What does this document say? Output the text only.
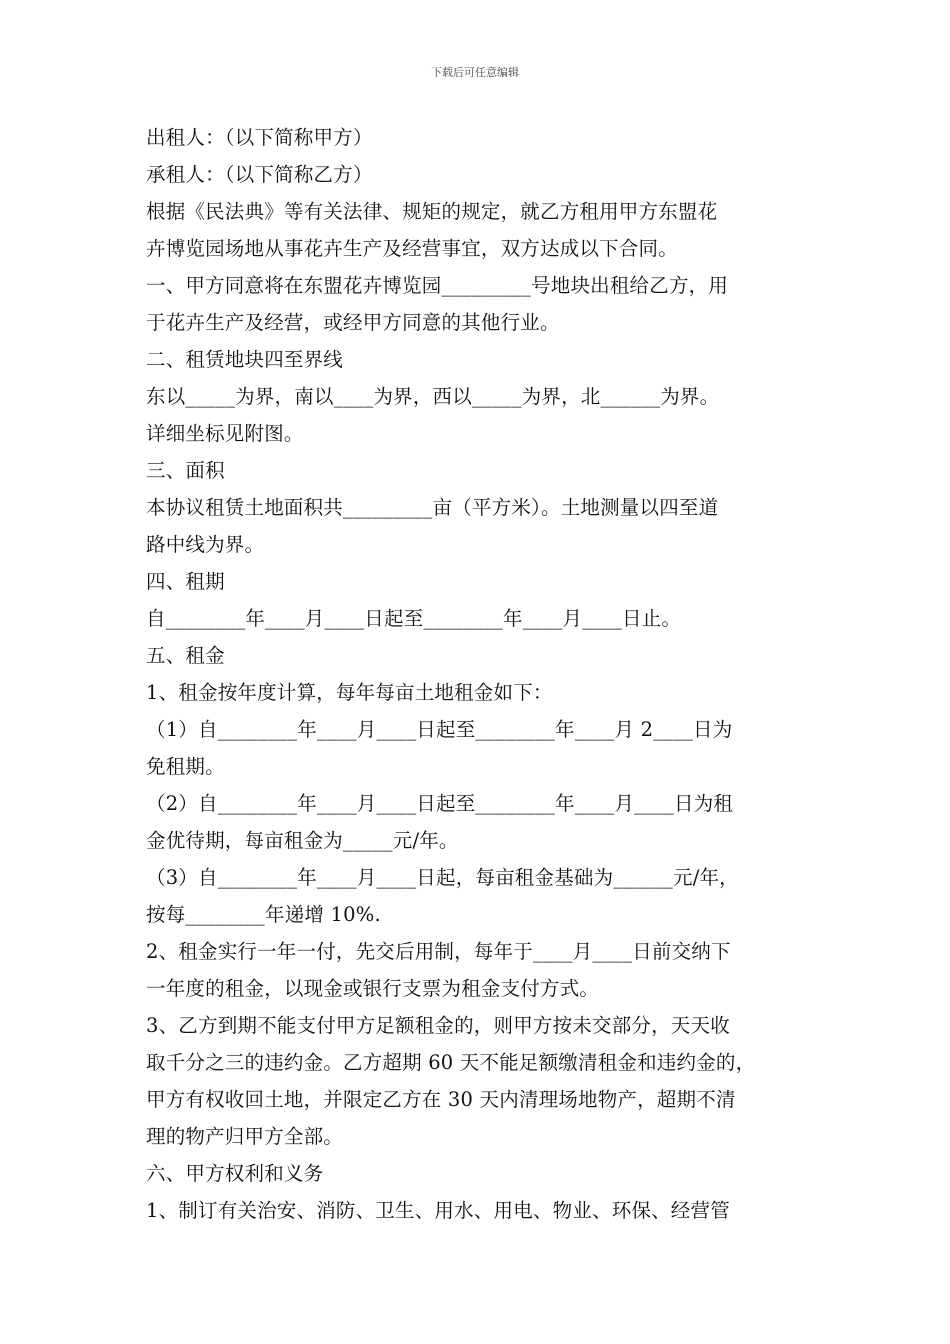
下载后可任意编辑
出租人：（以下简称甲方）
承租人：（以下简称乙方）
根据《民法典》等有关法律、规矩的规定，就乙方租用甲方东盟花
卉博览园场地从事花卉生产及经营事宜，双方达成以下合同。
一、甲方同意将在东盟花卉博览园_________号地块出租给乙方，用
于花卉生产及经营，或经甲方同意的其他行业。
二、租赁地块四至界线
东以_____为界，南以____为界，西以_____为界，北______为界。
详细坐标见附图。
三、面积
本协议租赁土地面积共_________亩（平方米）。土地测量以四至道
路中线为界。
四、租期
自________年____月____日起至________年____月____日止。
五、租金
1、租金按年度计算，每年每亩土地租金如下：
（1）自________年____月____日起至________年____月 2____日为
免租期。
（2）自________年____月____日起至________年____月____日为租
金优待期，每亩租金为_____元/年。
（3）自________年____月____日起，每亩租金基础为______元/年，
按每________年递增 10%.
2、租金实行一年一付，先交后用制，每年于____月____日前交纳下
一年度的租金，以现金或银行支票为租金支付方式。
3、乙方到期不能支付甲方足额租金的，则甲方按未交部分，天天收
取千分之三的违约金。乙方超期 60 天不能足额缴清租金和违约金的，
甲方有权收回土地，并限定乙方在 30 天内清理场地物产，超期不清
理的物产归甲方全部。
六、甲方权利和义务
1、制订有关治安、消防、卫生、用水、用电、物业、环保、经营管
